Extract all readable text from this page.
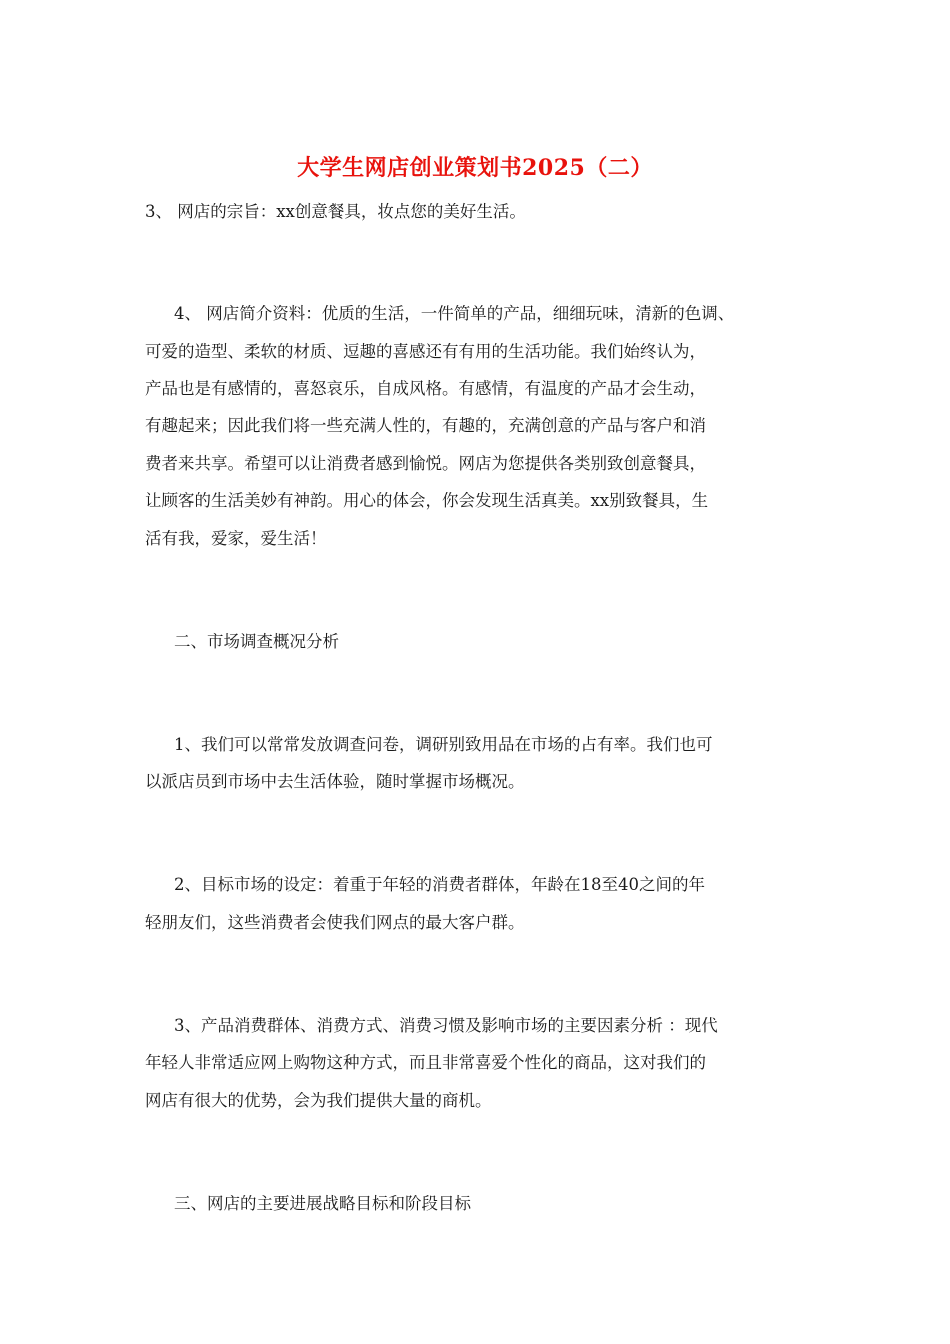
大学生网店创业策划书2025（二）
3、 网店的宗旨：xx创意餐具，妆点您的美好生活。
4、 网店简介资料：优质的生活，一件简单的产品，细细玩味，清新的色调、
可爱的造型、柔软的材质、逗趣的喜感还有有用的生活功能。我们始终认为，
产品也是有感情的，喜怒哀乐，自成风格。有感情，有温度的产品才会生动，
有趣起来；因此我们将一些充满人性的，有趣的，充满创意的产品与客户和消
费者来共享。希望可以让消费者感到愉悦。网店为您提供各类别致创意餐具，
让顾客的生活美妙有神韵。用心的体会，你会发现生活真美。xx别致餐具，生
活有我，爱家，爱生活！
二、市场调查概况分析
1、我们可以常常发放调查问卷，调研别致用品在市场的占有率。我们也可
以派店员到市场中去生活体验，随时掌握市场概况。
2、目标市场的设定：着重于年轻的消费者群体，年龄在18至40之间的年
轻朋友们，这些消费者会使我们网点的最大客户群。
3、产品消费群体、消费方式、消费习惯及影响市场的主要因素分析 ：现代
年轻人非常适应网上购物这种方式，而且非常喜爱个性化的商品，这对我们的
网店有很大的优势，会为我们提供大量的商机。
三、网店的主要进展战略目标和阶段目标
